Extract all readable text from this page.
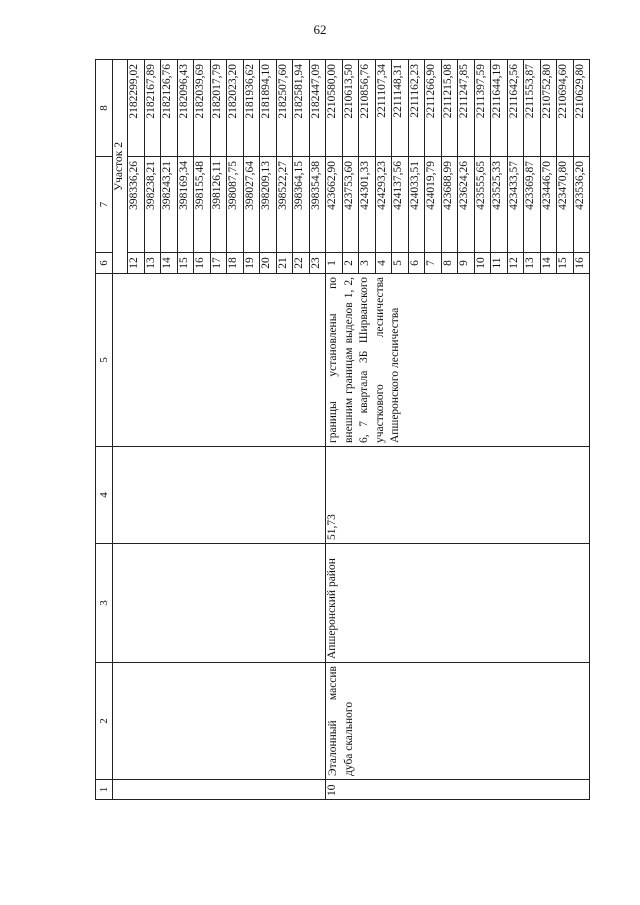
62
1	2	3	4	5	6	7	8
					Участок 2		
					12	398336,26	2182299,02
					13	398238,21	2182167,89
					14	398243,21	2182126,76
					15	398169,34	2182096,43
					16	398155,48	2182039,69
					17	398126,11	2182017,79
					18	398087,75	2182023,20
					19	398027,64	2181936,62
					20	398209,13	2181894,10
					21	398522,27	2182507,60
					22	398364,15	2182581,94
					23	398354,38	2182447,09
10	Эталонный массив дуба скального	Апшеронский район	51,73	границы установлены по внешним границам выделов 1, 2, 6, 7 квартала 3Б Ширванского участкового лесничества Апшеронского лесничества	1	423662,90	2210580,00
					2	423753,60	2210613,50
					3	424301,33	2210856,76
					4	424293,23	2211107,34
					5	424137,56	2211148,31
					6	424033,51	2211162,23
					7	424019,79	2211266,90
					8	423688,99	2211215,08
					9	423624,26	2211247,85
					10	423555,65	2211397,59
					11	423525,33	2211644,19
					12	423433,57	2211642,56
					13	423369,87	2211553,87
					14	423446,70	2210752,80
					15	423470,80	2210694,60
					16	423536,20	2210629,80
